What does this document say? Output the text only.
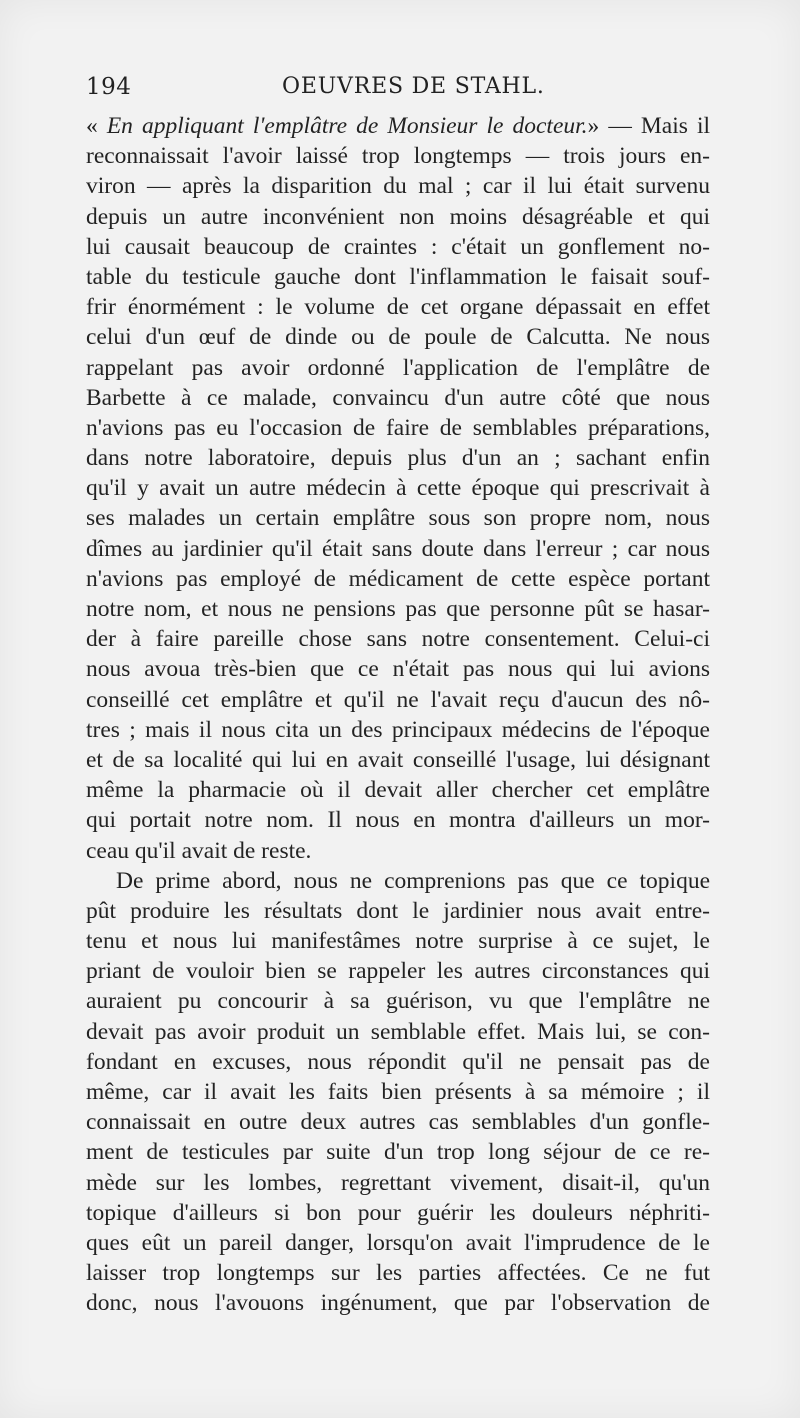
194	OEUVRES DE STAHL.
« En appliquant l'emplâtre de Monsieur le docteur.» — Mais il
reconnaissait l'avoir laissé trop longtemps — trois jours en-
viron — après la disparition du mal ; car il lui était survenu
depuis un autre inconvénient non moins désagréable et qui
lui causait beaucoup de craintes : c'était un gonflement no-
table du testicule gauche dont l'inflammation le faisait souf-
frir énormément : le volume de cet organe dépassait en effet
celui d'un œuf de dinde ou de poule de Calcutta. Ne nous
rappelant pas avoir ordonné l'application de l'emplâtre de
Barbette à ce malade, convaincu d'un autre côté que nous
n'avions pas eu l'occasion de faire de semblables préparations,
dans notre laboratoire, depuis plus d'un an ; sachant enfin
qu'il y avait un autre médecin à cette époque qui prescrivait à
ses malades un certain emplâtre sous son propre nom, nous
dîmes au jardinier qu'il était sans doute dans l'erreur ; car nous
n'avions pas employé de médicament de cette espèce portant
notre nom, et nous ne pensions pas que personne pût se hasar-
der à faire pareille chose sans notre consentement. Celui-ci
nous avoua très-bien que ce n'était pas nous qui lui avions
conseillé cet emplâtre et qu'il ne l'avait reçu d'aucun des nô-
tres ; mais il nous cita un des principaux médecins de l'époque
et de sa localité qui lui en avait conseillé l'usage, lui désignant
même la pharmacie où il devait aller chercher cet emplâtre
qui portait notre nom. Il nous en montra d'ailleurs un mor-
ceau qu'il avait de reste.
De prime abord, nous ne comprenions pas que ce topique
pût produire les résultats dont le jardinier nous avait entre-
tenu et nous lui manifestâmes notre surprise à ce sujet, le
priant de vouloir bien se rappeler les autres circonstances qui
auraient pu concourir à sa guérison, vu que l'emplâtre ne
devait pas avoir produit un semblable effet. Mais lui, se con-
fondant en excuses, nous répondit qu'il ne pensait pas de
même, car il avait les faits bien présents à sa mémoire ; il
connaissait en outre deux autres cas semblables d'un gonfle-
ment de testicules par suite d'un trop long séjour de ce re-
mède sur les lombes, regrettant vivement, disait-il, qu'un
topique d'ailleurs si bon pour guérir les douleurs néphriti-
ques eût un pareil danger, lorsqu'on avait l'imprudence de le
laisser trop longtemps sur les parties affectées. Ce ne fut
donc, nous l'avouons ingénument, que par l'observation de
